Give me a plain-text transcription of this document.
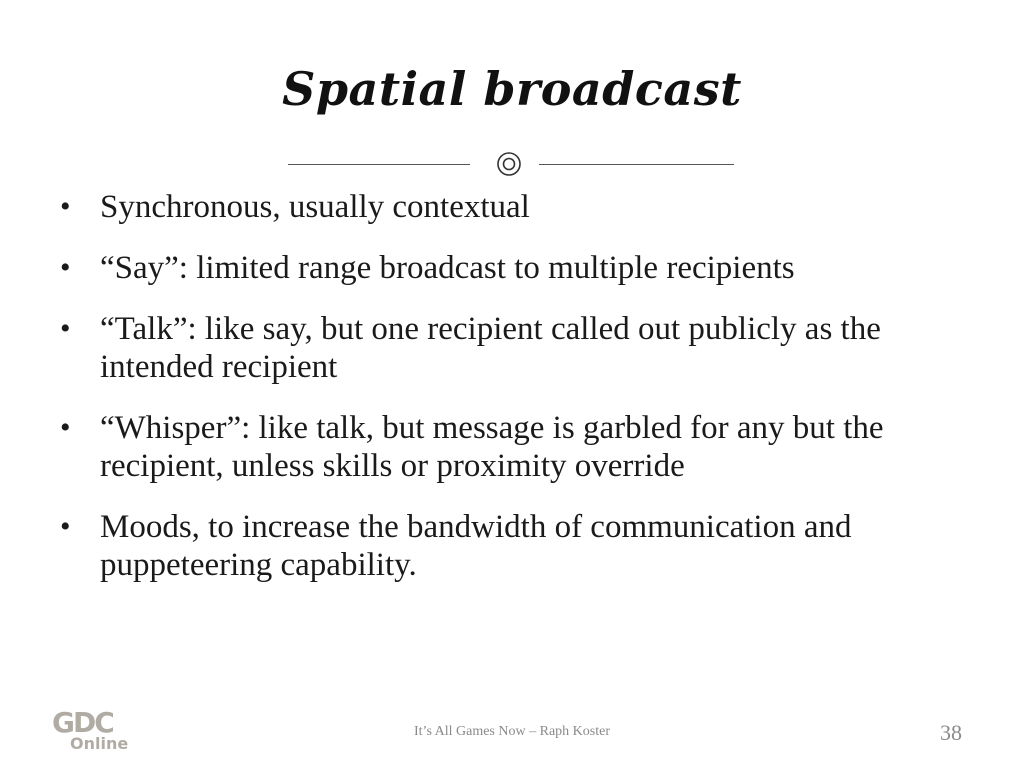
Spatial broadcast
• Synchronous, usually contextual
• “Say”: limited range broadcast to multiple recipients
• “Talk”: like say, but one recipient called out publicly as the intended recipient
• “Whisper”: like talk, but message is garbled for any but the recipient, unless skills or proximity override
• Moods, to increase the bandwidth of communication and puppeteering capability.
GDC
Online
It’s All Games Now – Raph Koster	38
